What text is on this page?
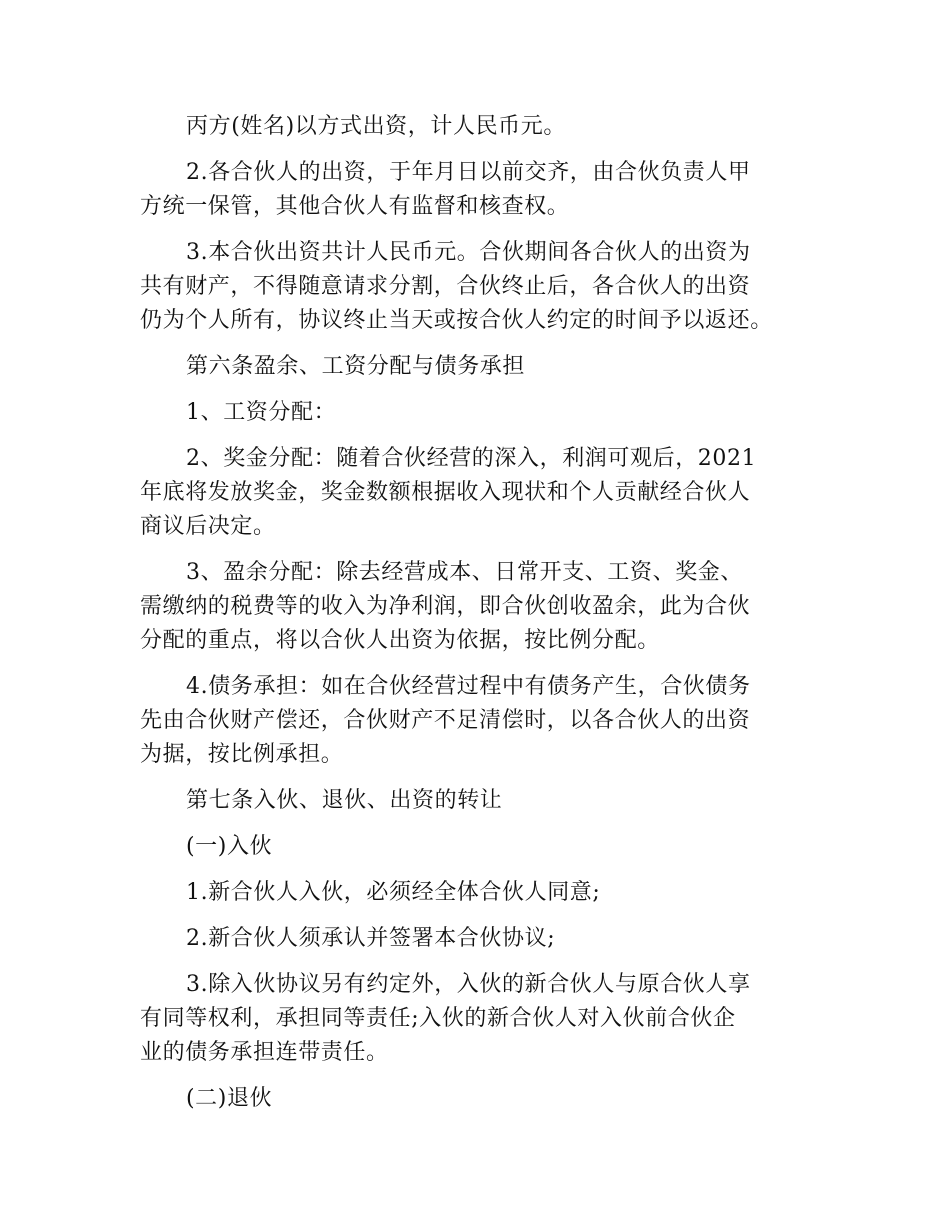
丙方(姓名)以方式出资，计人民币元。

2.各合伙人的出资，于年月日以前交齐，由合伙负责人甲
方统一保管，其他合伙人有监督和核查权。

3.本合伙出资共计人民币元。合伙期间各合伙人的出资为
共有财产，不得随意请求分割，合伙终止后，各合伙人的出资
仍为个人所有，协议终止当天或按合伙人约定的时间予以返还。

第六条盈余、工资分配与债务承担

1、工资分配：

2、奖金分配：随着合伙经营的深入，利润可观后，2021
年底将发放奖金，奖金数额根据收入现状和个人贡献经合伙人
商议后决定。

3、盈余分配：除去经营成本、日常开支、工资、奖金、
需缴纳的税费等的收入为净利润，即合伙创收盈余，此为合伙
分配的重点，将以合伙人出资为依据，按比例分配。

4.债务承担：如在合伙经营过程中有债务产生，合伙债务
先由合伙财产偿还，合伙财产不足清偿时，以各合伙人的出资
为据，按比例承担。

第七条入伙、退伙、出资的转让

(一)入伙

1.新合伙人入伙，必须经全体合伙人同意;

2.新合伙人须承认并签署本合伙协议;

3.除入伙协议另有约定外，入伙的新合伙人与原合伙人享
有同等权利，承担同等责任;入伙的新合伙人对入伙前合伙企
业的债务承担连带责任。

(二)退伙
